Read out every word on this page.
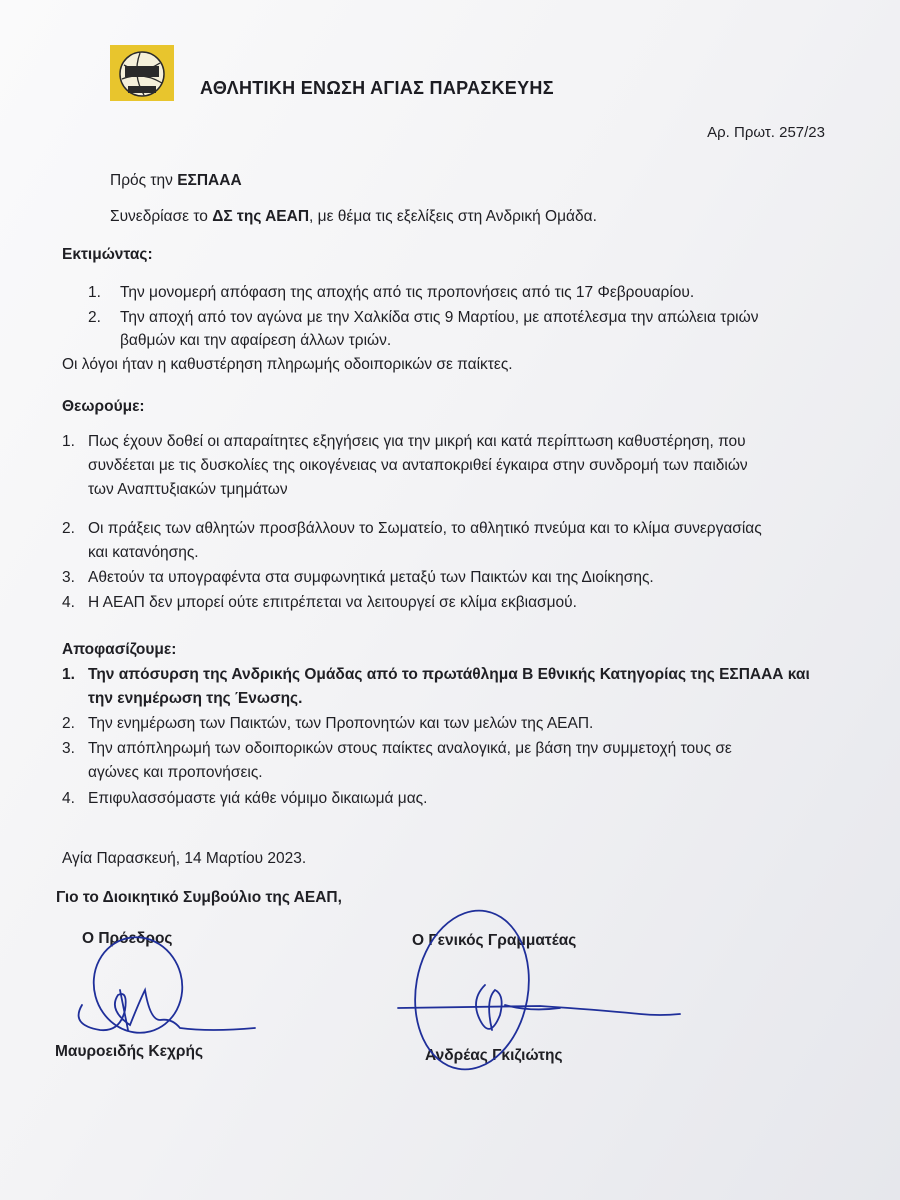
ΑΘΛΗΤΙΚΗ ΕΝΩΣΗ ΑΓΙΑΣ ΠΑΡΑΣΚΕΥΗΣ
Αρ. Πρωτ. 257/23
Πρός την ΕΣΠΑΑΑ
Συνεδρίασε το ΔΣ της ΑΕΑΠ, με θέμα τις εξελίξεις στη Ανδρική Ομάδα.
Εκτιμώντας:
1. Την μονομερή απόφαση της αποχής από τις προπονήσεις από τις 17 Φεβρουαρίου.
2. Την αποχή από τον αγώνα με την Χαλκίδα στις 9 Μαρτίου, με αποτέλεσμα την απώλεια τριών
βαθμών και την αφαίρεση άλλων τριών.
Οι λόγοι ήταν η καθυστέρηση πληρωμής οδοιπορικών σε παίκτες.
Θεωρούμε:
1. Πως έχουν δοθεί οι απαραίτητες εξηγήσεις για την μικρή και κατά περίπτωση καθυστέρηση, που
συνδέεται με τις δυσκολίες της οικογένειας να ανταποκριθεί έγκαιρα στην συνδρομή των παιδιών
των Αναπτυξιακών τμημάτων
2. Οι πράξεις των αθλητών προσβάλλουν το Σωματείο, το αθλητικό πνεύμα και το κλίμα συνεργασίας
και κατανόησης.
3. Αθετούν τα υπογραφέντα στα συμφωνητικά μεταξύ των Παικτών και της Διοίκησης.
4. Η ΑΕΑΠ δεν μπορεί ούτε επιτρέπεται να λειτουργεί σε κλίμα εκβιασμού.
Αποφασίζουμε:
1. Την απόσυρση της Ανδρικής Ομάδας από το πρωτάθλημα Β Εθνικής Κατηγορίας της ΕΣΠΑΑΑ και
την ενημέρωση της Ένωσης.
2. Την ενημέρωση των Παικτών, των Προπονητών και των μελών της ΑΕΑΠ.
3. Την απόπληρωμή των οδοιπορικών στους παίκτες αναλογικά, με βάση την συμμετοχή τους σε
αγώνες και προπονήσεις.
4. Επιφυλασσόμαστε γιά κάθε νόμιμο δικαιωμά μας.
Αγία Παρασκευή, 14 Μαρτίου 2023.
Γιο το Διοικητικό Συμβούλιο της ΑΕΑΠ,
Ο Πρόεδρος	Ο Γενικός Γραμματέας
Μαυροειδής Κεχρής	Ανδρέας Γκιζιώτης
